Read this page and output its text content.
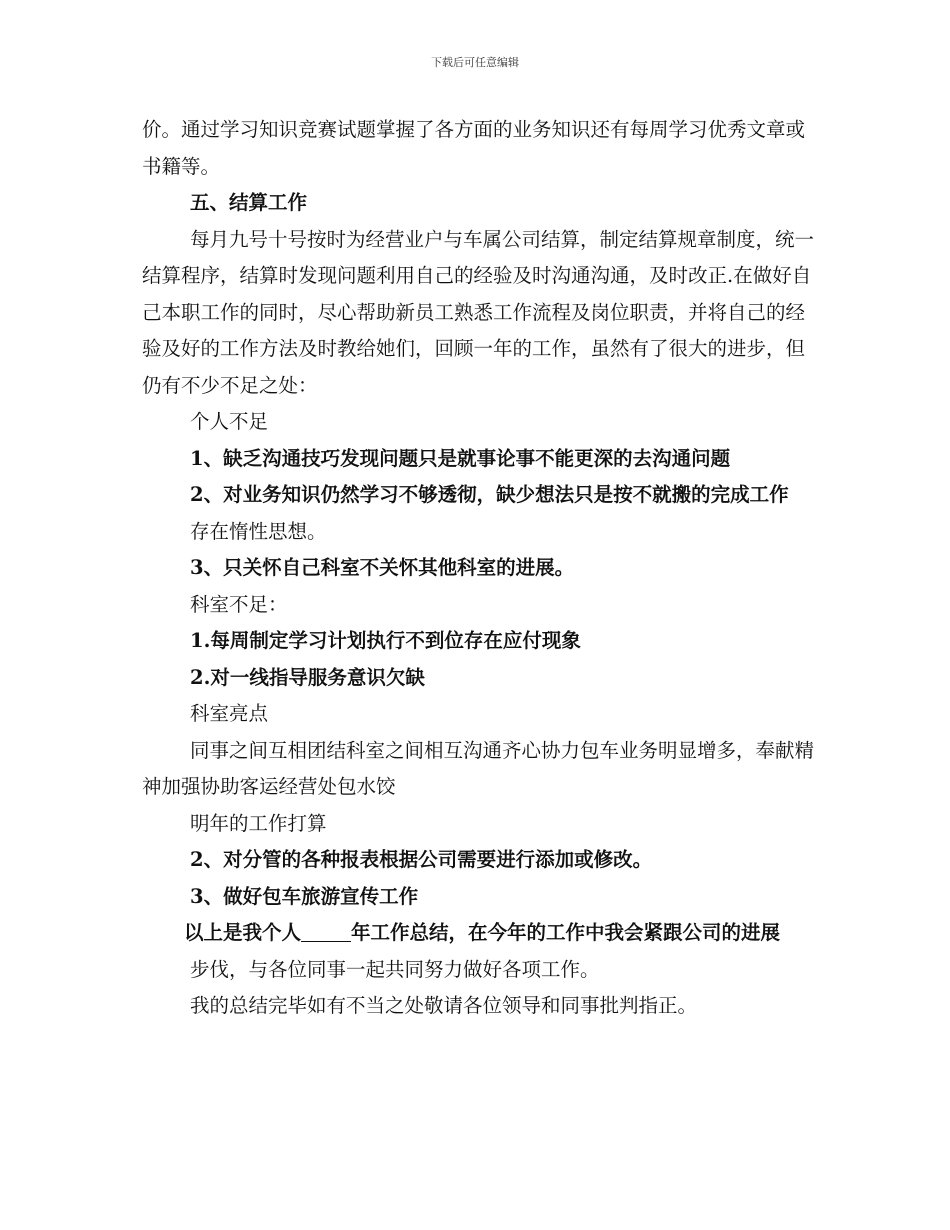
下载后可任意编辑

价。通过学习知识竞赛试题掌握了各方面的业务知识还有每周学习优秀文章或书籍等。

五、结算工作

每月九号十号按时为经营业户与车属公司结算，制定结算规章制度，统一结算程序，结算时发现问题利用自己的经验及时沟通沟通，及时改正.在做好自己本职工作的同时，尽心帮助新员工熟悉工作流程及岗位职责，并将自己的经验及好的工作方法及时教给她们，回顾一年的工作，虽然有了很大的进步，但仍有不少不足之处：

个人不足

1、缺乏沟通技巧发现问题只是就事论事不能更深的去沟通问题

2、对业务知识仍然学习不够透彻，缺少想法只是按不就搬的完成工作

存在惰性思想。

3、只关怀自己科室不关怀其他科室的进展。

科室不足：

1.每周制定学习计划执行不到位存在应付现象

2.对一线指导服务意识欠缺

科室亮点

同事之间互相团结科室之间相互沟通齐心协力包车业务明显增多，奉献精神加强协助客运经营处包水饺

明年的工作打算

2、对分管的各种报表根据公司需要进行添加或修改。

3、做好包车旅游宣传工作

以上是我个人	年工作总结，在今年的工作中我会紧跟公司的进展

步伐，与各位同事一起共同努力做好各项工作。

我的总结完毕如有不当之处敬请各位领导和同事批判指正。
